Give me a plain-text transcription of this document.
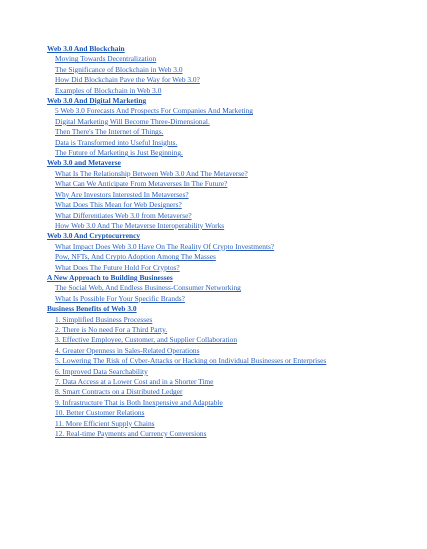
Web 3.0 And Blockchain
Moving Towards Decentralization
The Significance of Blockchain in Web 3.0
How Did Blockchain Pave the Way for Web 3.0?
Examples of Blockchain in Web 3.0
Web 3.0 And Digital Marketing
5 Web 3.0 Forecasts And Prospects For Companies And Marketing
Digital Marketing Will Become Three-Dimensional.
Then There's The Internet of Things.
Data is Transformed into Useful Insights.
The Future of Marketing is Just Beginning.
Web 3.0 and Metaverse
What Is The Relationship Between Web 3.0 And The Metaverse?
What Can We Anticipate From Metaverses In The Future?
Why Are Investors Interested In Metaverses?
What Does This Mean for Web Designers?
What Differentiates Web 3.0 from Metaverse?
How Web 3.0 And The Metaverse Interoperability Works
Web 3.0 And Cryptocurrency
What Impact Does Web 3.0 Have On The Reality Of Crypto Investments?
Pow, NFTs, And Crypto Adoption Among The Masses
What Does The Future Hold For Cryptos?
A New Approach to Building Businesses
The Social Web, And Endless Business-Consumer Networking
What Is Possible For Your Specific Brands?
Business Benefits of Web 3.0
1. Simplified Business Processes
2. There is No need For a Third Party.
3. Effective Employee, Customer, and Supplier Collaboration
4. Greater Openness in Sales-Related Operations
5. Lowering The Risk of Cyber-Attacks or Hacking on Individual Businesses or Enterprises
6. Improved Data Searchability
7. Data Access at a Lower Cost and in a Shorter Time
8. Smart Contracts on a Distributed Ledger
9. Infrastructure That is Both Inexpensive and Adaptable
10. Better Customer Relations
11. More Efficient Supply Chains
12. Real-time Payments and Currency Conversions
